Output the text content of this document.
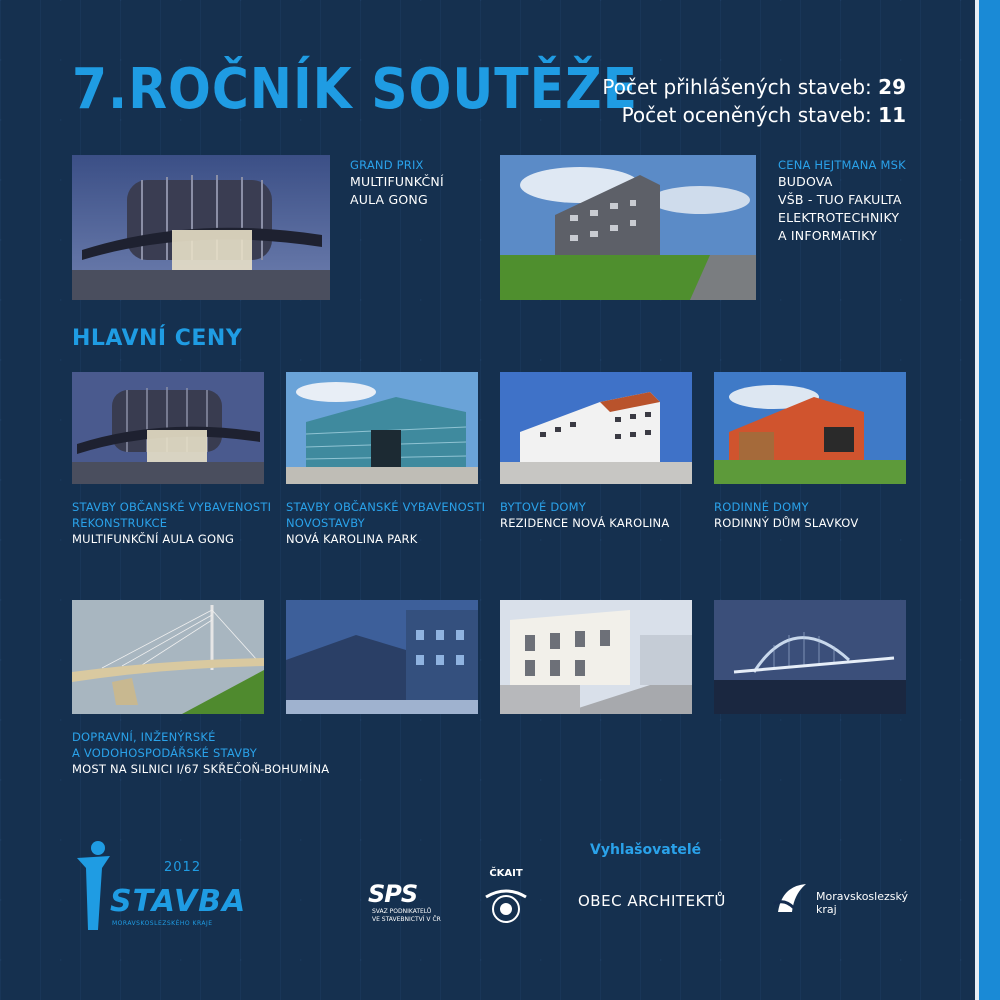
7.ROČNÍK SOUTĚŽE
Počet přihlášených staveb: 29
Počet oceněných staveb: 11
GRAND PRIX
MULTIFUNKČNÍ
AULA GONG
CENA HEJTMANA MSK
BUDOVA
VŠB - TUO FAKULTA
ELEKTROTECHNIKY
A INFORMATIKY
HLAVNÍ CENY
STAVBY OBČANSKÉ VYBAVENOSTI
REKONSTRUKCE
MULTIFUNKČNÍ AULA GONG
STAVBY OBČANSKÉ VYBAVENOSTI
NOVOSTAVBY
NOVÁ KAROLINA PARK
BYTOVÉ DOMY
REZIDENCE NOVÁ KAROLINA
RODINNÉ DOMY
RODINNÝ DŮM SLAVKOV
DOPRAVNÍ, INŽENÝRSKÉ
A VODOHOSPODÁŘSKÉ STAVBY
MOST NA SILNICI I/67 SKŘEČOŇ-BOHUMÍNA
2012
STAVBA
MORAVSKOSLEZSKÉHO KRAJE
Vyhlašovatelé
SPS
SVAZ PODNIKATELŮ
VE STAVEBNICTVÍ V ČR
ČKAIT
OBEC ARCHITEKTŮ	Moravskoslezský
kraj
